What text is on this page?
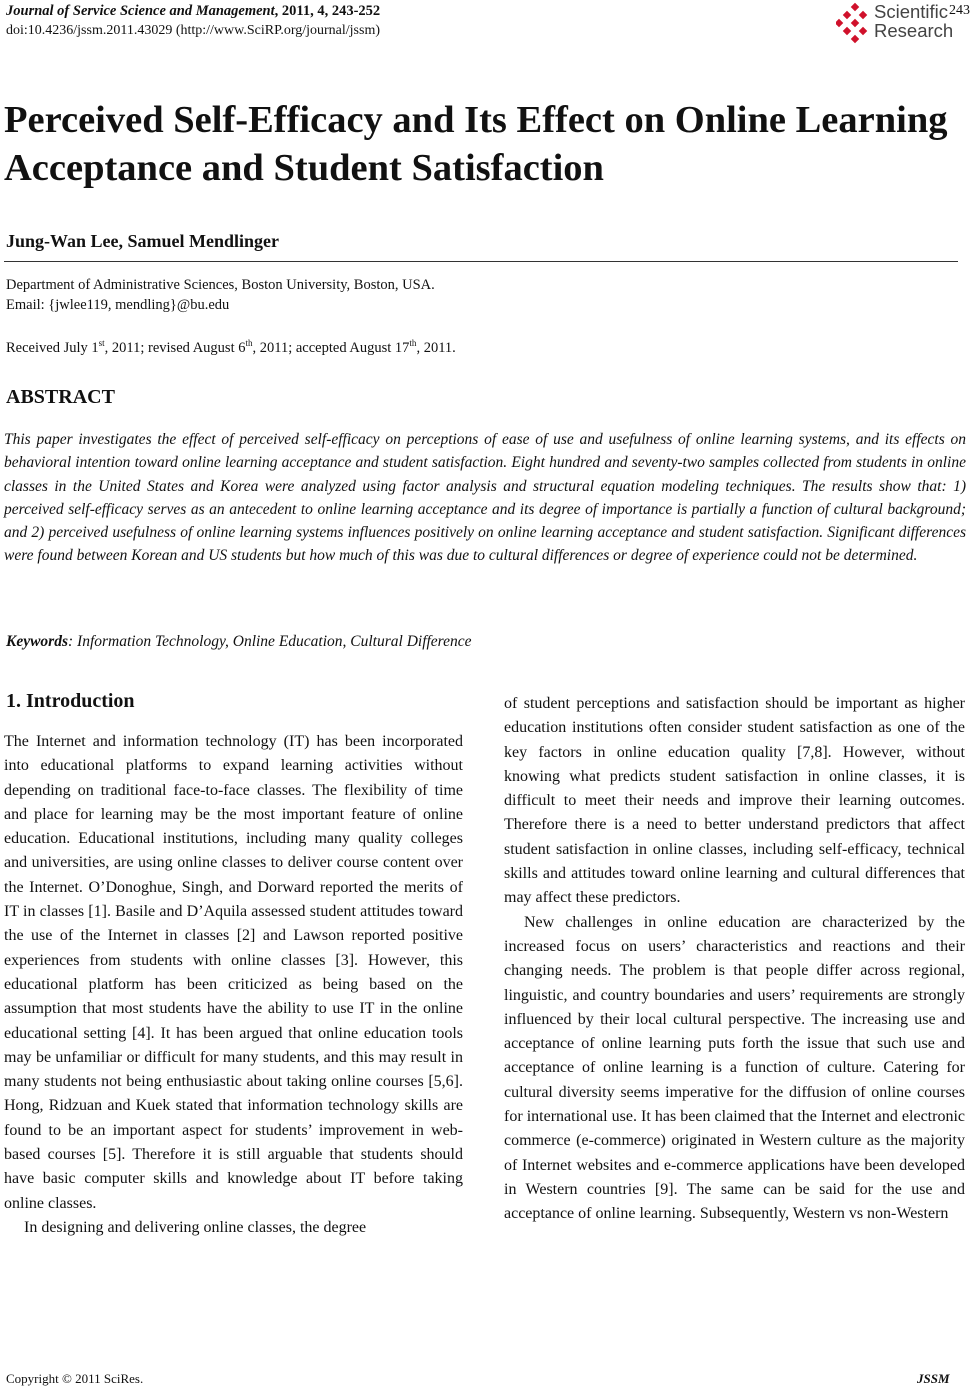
Journal of Service Science and Management, 2011, 4, 243-252
doi:10.4236/jssm.2011.43029 (http://www.SciRP.org/journal/jssm)
243
Scientific
Research
Perceived Self-Efficacy and Its Effect on Online Learning Acceptance and Student Satisfaction
Jung-Wan Lee, Samuel Mendlinger
Department of Administrative Sciences, Boston University, Boston, USA.
Email: {jwlee119, mendling}@bu.edu
Received July 1st, 2011; revised August 6th, 2011; accepted August 17th, 2011.
ABSTRACT

This paper investigates the effect of perceived self-efficacy on perceptions of ease of use and usefulness of online learning systems, and its effects on behavioral intention toward online learning acceptance and student satisfaction. Eight hundred and seventy-two samples collected from students in online classes in the United States and Korea were analyzed using factor analysis and structural equation modeling techniques. The results show that: 1) perceived self-efficacy serves as an antecedent to online learning acceptance and its degree of importance is partially a function of cultural background; and 2) perceived usefulness of online learning systems influences positively on online learning acceptance and student satisfaction. Significant differences were found between Korean and US students but how much of this was due to cultural differences or degree of experience could not be determined.

Keywords: Information Technology, Online Education, Cultural Difference
1. Introduction

The Internet and information technology (IT) has been incorporated into educational platforms to expand learning activities without depending on traditional face-to-face classes. The flexibility of time and place for learning may be the most important feature of online education. Educational institutions, including many quality colleges and universities, are using online classes to deliver course content over the Internet. O’Donoghue, Singh, and Dorward reported the merits of IT in classes [1]. Basile and D’Aquila assessed student attitudes toward the use of the Internet in classes [2] and Lawson reported positive experiences from students with online classes [3]. However, this educational platform has been criticized as being based on the assumption that most students have the ability to use IT in the online educational setting [4]. It has been argued that online education tools may be unfamiliar or difficult for many students, and this may result in many students not being enthusiastic about taking online courses [5,6]. Hong, Ridzuan and Kuek stated that information technology skills are found to be an important aspect for students’ improvement in web-based courses [5]. Therefore it is still arguable that students should have basic computer skills and knowledge about IT before taking online classes.

In designing and delivering online classes, the degree

of student perceptions and satisfaction should be important as higher education institutions often consider student satisfaction as one of the key factors in online education quality [7,8]. However, without knowing what predicts student satisfaction in online classes, it is difficult to meet their needs and improve their learning outcomes. Therefore there is a need to better understand predictors that affect student satisfaction in online classes, including self-efficacy, technical skills and attitudes toward online learning and cultural differences that may affect these predictors.

New challenges in online education are characterized by the increased focus on users’ characteristics and reactions and their changing needs. The problem is that people differ across regional, linguistic, and country boundaries and users’ requirements are strongly influenced by their local cultural perspective. The increasing use and acceptance of online learning puts forth the issue that such use and acceptance of online learning is a function of culture. Catering for cultural diversity seems imperative for the diffusion of online courses for international use. It has been claimed that the Internet and electronic commerce (e-commerce) originated in Western culture as the majority of Internet websites and e-commerce applications have been developed in Western countries [9]. The same can be said for the use and acceptance of online learning. Subsequently, Western vs non-Western

Copyright © 2011 SciRes.	JSSM
